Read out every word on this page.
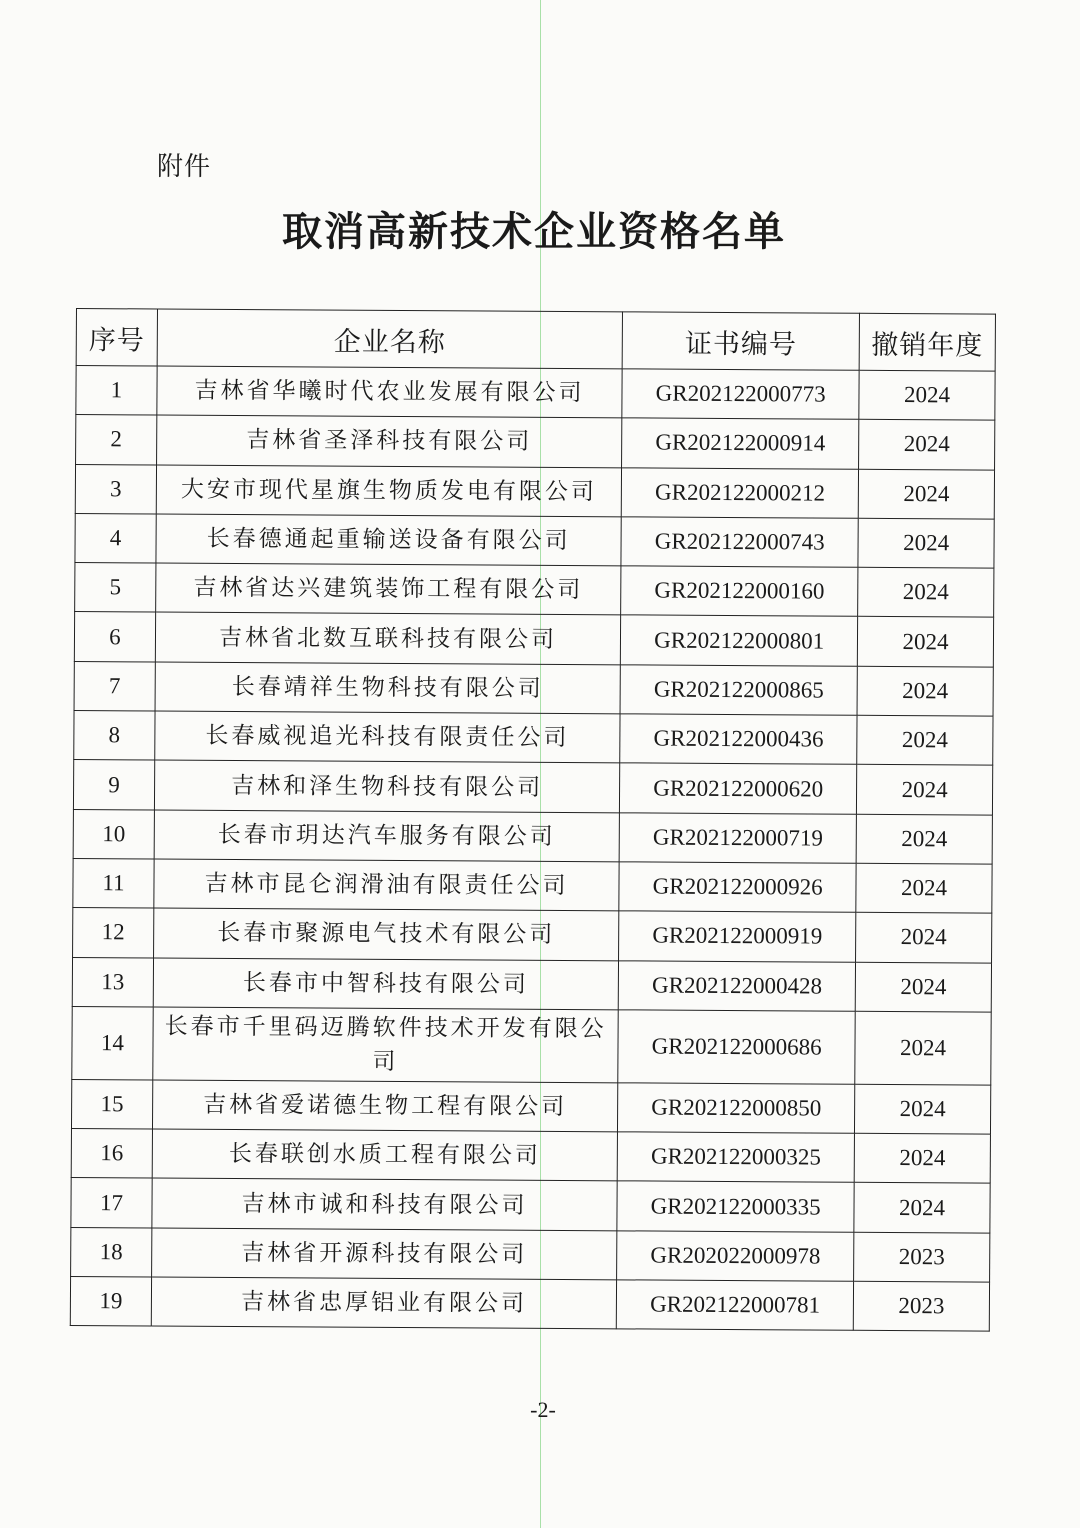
附件
取消高新技术企业资格名单
序号	企业名称	证书编号	撤销年度
1	吉林省华曦时代农业发展有限公司	GR202122000773	2024
2	吉林省圣泽科技有限公司	GR202122000914	2024
3	大安市现代星旗生物质发电有限公司	GR202122000212	2024
4	长春德通起重输送设备有限公司	GR202122000743	2024
5	吉林省达兴建筑装饰工程有限公司	GR202122000160	2024
6	吉林省北数互联科技有限公司	GR202122000801	2024
7	长春靖祥生物科技有限公司	GR202122000865	2024
8	长春威视追光科技有限责任公司	GR202122000436	2024
9	吉林和泽生物科技有限公司	GR202122000620	2024
10	长春市玥达汽车服务有限公司	GR202122000719	2024
11	吉林市昆仑润滑油有限责任公司	GR202122000926	2024
12	长春市聚源电气技术有限公司	GR202122000919	2024
13	长春市中智科技有限公司	GR202122000428	2024
14	长春市千里码迈腾软件技术开发有限公司	GR202122000686	2024
15	吉林省爱诺德生物工程有限公司	GR202122000850	2024
16	长春联创水质工程有限公司	GR202122000325	2024
17	吉林市诚和科技有限公司	GR202122000335	2024
18	吉林省开源科技有限公司	GR202022000978	2023
19	吉林省忠厚铝业有限公司	GR202122000781	2023
-2-
